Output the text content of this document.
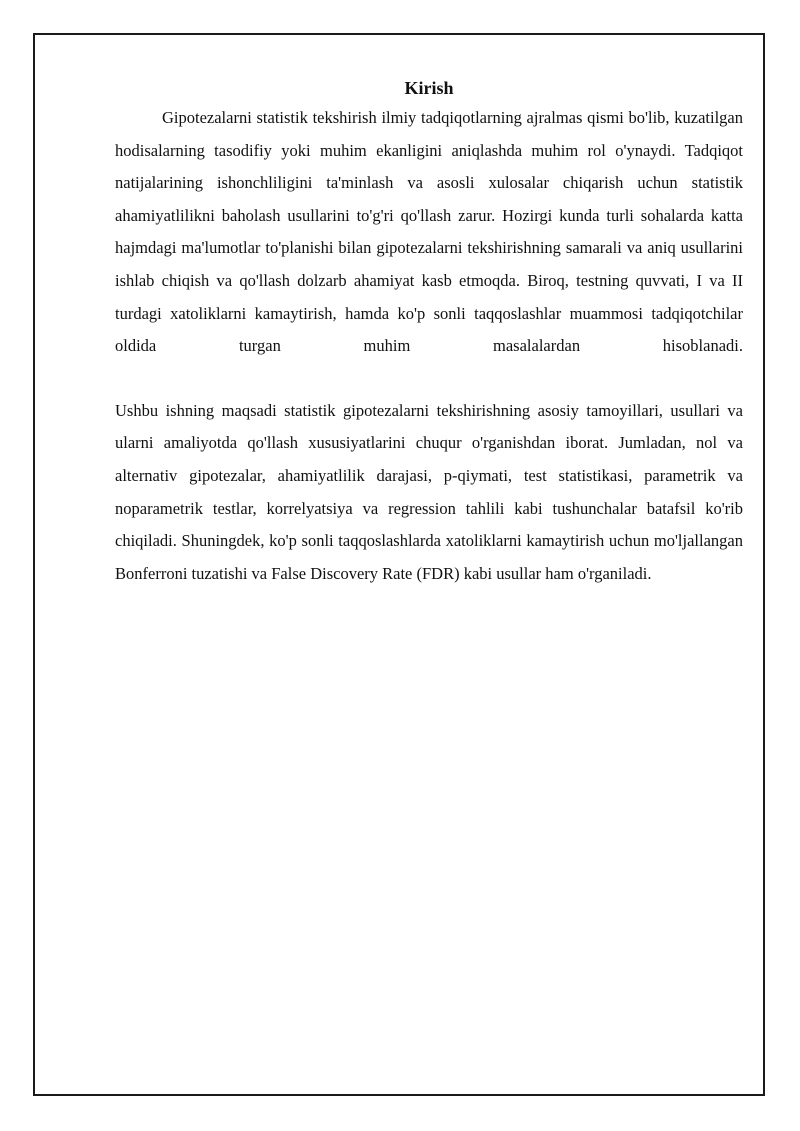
Kirish

Gipotezalarni statistik tekshirish ilmiy tadqiqotlarning ajralmas qismi bo'lib, kuzatilgan hodisalarning tasodifiy yoki muhim ekanligini aniqlashda muhim rol o'ynaydi. Tadqiqot natijalarining ishonchliligini ta'minlash va asosli xulosalar chiqarish uchun statistik ahamiyatlilikni baholash usullarini to'g'ri qo'llash zarur. Hozirgi kunda turli sohalarda katta hajmdagi ma'lumotlar to'planishi bilan gipotezalarni tekshirishning samarali va aniq usullarini ishlab chiqish va qo'llash dolzarb ahamiyat kasb etmoqda. Biroq, testning quvvati, I va II turdagi xatoliklarni kamaytirish, hamda ko'p sonli taqqoslashlar muammosi tadqiqotchilar oldida turgan muhim masalalardan hisoblanadi.

Ushbu ishning maqsadi statistik gipotezalarni tekshirishning asosiy tamoyillari, usullari va ularni amaliyotda qo'llash xususiyatlarini chuqur o'rganishdan iborat. Jumladan, nol va alternativ gipotezalar, ahamiyatlilik darajasi, p-qiymati, test statistikasi, parametrik va noparametrik testlar, korrelyatsiya va regression tahlili kabi tushunchalar batafsil ko'rib chiqiladi. Shuningdek, ko'p sonli taqqoslashlarda xatoliklarni kamaytirish uchun mo'ljallangan Bonferroni tuzatishi va False Discovery Rate (FDR) kabi usullar ham o'rganiladi.
